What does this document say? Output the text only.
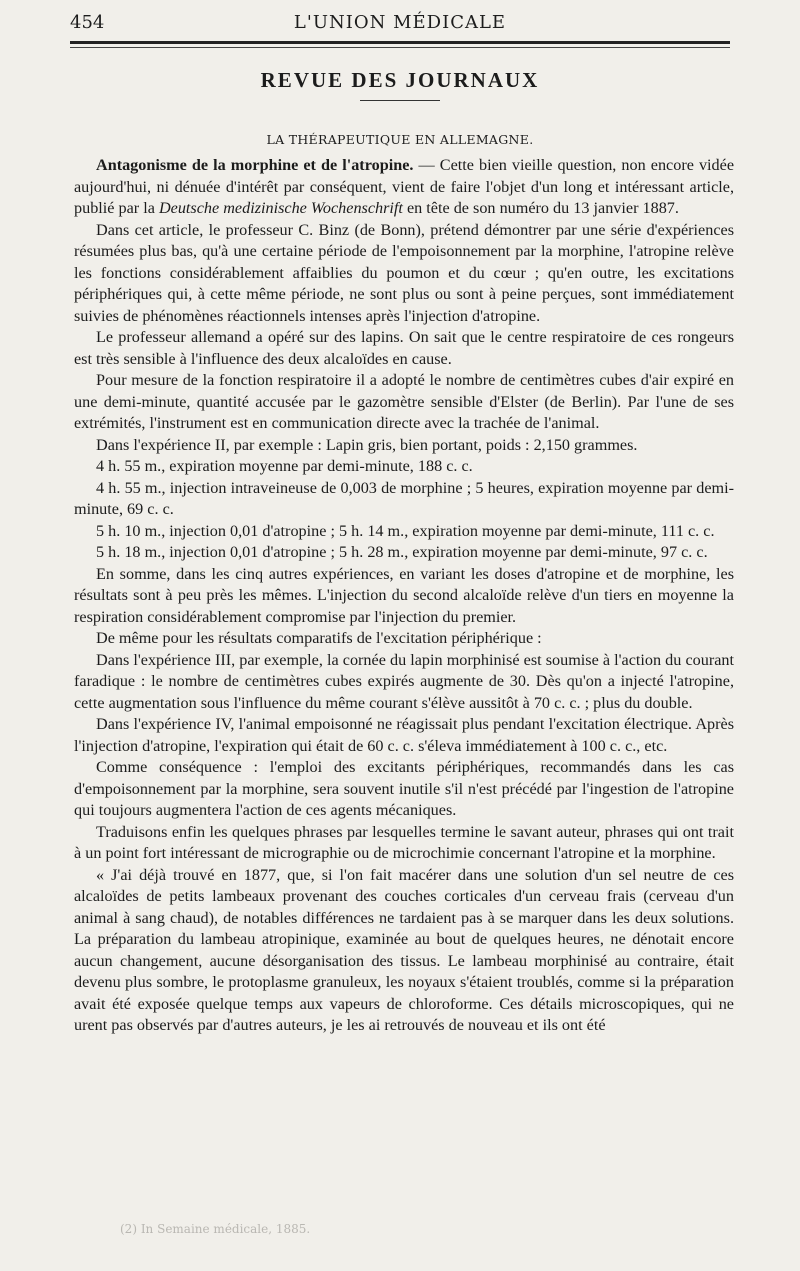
454	L'UNION MÉDICALE
REVUE DES JOURNAUX
LA THÉRAPEUTIQUE EN ALLEMAGNE.

Antagonisme de la morphine et de l'atropine. — Cette bien vieille question, non encore vidée aujourd'hui, ni dénuée d'intérêt par conséquent, vient de faire l'objet d'un long et intéressant article, publié par la Deutsche medizinische Wochenschrift en tête de son numéro du 13 janvier 1887.

Dans cet article, le professeur C. Binz (de Bonn), prétend démontrer par une série d'expériences résumées plus bas, qu'à une certaine période de l'empoisonnement par la morphine, l'atropine relève les fonctions considérablement affaiblies du poumon et du cœur ; qu'en outre, les excitations périphériques qui, à cette même période, ne sont plus ou sont à peine perçues, sont immédiatement suivies de phénomènes réactionnels intenses après l'injection d'atropine.

Le professeur allemand a opéré sur des lapins. On sait que le centre respiratoire de ces rongeurs est très sensible à l'influence des deux alcaloïdes en cause.

Pour mesure de la fonction respiratoire il a adopté le nombre de centimètres cubes d'air expiré en une demi-minute, quantité accusée par le gazomètre sensible d'Elster (de Berlin). Par l'une de ses extrémités, l'instrument est en communication directe avec la trachée de l'animal.

Dans l'expérience II, par exemple : Lapin gris, bien portant, poids : 2,150 grammes.

4 h. 55 m., expiration moyenne par demi-minute, 188 c. c.

4 h. 55 m., injection intraveineuse de 0,003 de morphine ; 5 heures, expiration moyenne par demi-minute, 69 c. c.

5 h. 10 m., injection 0,01 d'atropine ; 5 h. 14 m., expiration moyenne par demi-minute, 111 c. c.

5 h. 18 m., injection 0,01 d'atropine ; 5 h. 28 m., expiration moyenne par demi-minute, 97 c. c.

En somme, dans les cinq autres expériences, en variant les doses d'atropine et de morphine, les résultats sont à peu près les mêmes. L'injection du second alcaloïde relève d'un tiers en moyenne la respiration considérablement compromise par l'injection du premier.

De même pour les résultats comparatifs de l'excitation périphérique :

Dans l'expérience III, par exemple, la cornée du lapin morphinisé est soumise à l'action du courant faradique : le nombre de centimètres cubes expirés augmente de 30. Dès qu'on a injecté l'atropine, cette augmentation sous l'influence du même courant s'élève aussitôt à 70 c. c. ; plus du double.

Dans l'expérience IV, l'animal empoisonné ne réagissait plus pendant l'excitation électrique. Après l'injection d'atropine, l'expiration qui était de 60 c. c. s'éleva immédiatement à 100 c. c., etc.

Comme conséquence : l'emploi des excitants périphériques, recommandés dans les cas d'empoisonnement par la morphine, sera souvent inutile s'il n'est précédé par l'ingestion de l'atropine qui toujours augmentera l'action de ces agents mécaniques.

Traduisons enfin les quelques phrases par lesquelles termine le savant auteur, phrases qui ont trait à un point fort intéressant de micrographie ou de microchimie concernant l'atropine et la morphine.

« J'ai déjà trouvé en 1877, que, si l'on fait macérer dans une solution d'un sel neutre de ces alcaloïdes de petits lambeaux provenant des couches corticales d'un cerveau frais (cerveau d'un animal à sang chaud), de notables différences ne tardaient pas à se marquer dans les deux solutions. La préparation du lambeau atropinique, examinée au bout de quelques heures, ne dénotait encore aucun changement, aucune désorganisation des tissus. Le lambeau morphinisé au contraire, était devenu plus sombre, le protoplasme granuleux, les noyaux s'étaient troublés, comme si la préparation avait été exposée quelque temps aux vapeurs de chloroforme. Ces détails microscopiques, qui ne urent pas observés par d'autres auteurs, je les ai retrouvés de nouveau et ils ont été

(2) In Semaine médicale, 1885.
